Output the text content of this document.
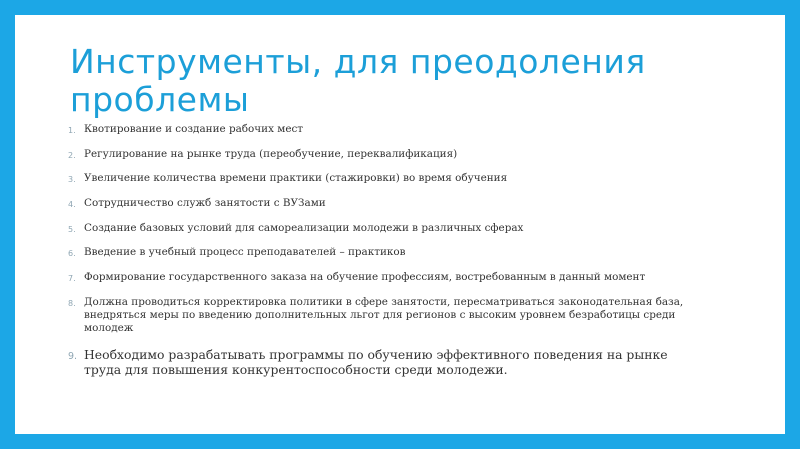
Инструменты, для преодоления проблемы
1. Квотирование и создание рабочих мест
2. Регулирование на рынке труда (переобучение, переквалификация)
3. Увеличение количества времени практики (стажировки) во время обучения
4. Сотрудничество служб занятости с ВУЗами
5. Создание базовых условий для самореализации молодежи в различных сферах
6. Введение в учебный процесс преподавателей – практиков
7. Формирование государственного заказа на обучение профессиям, востребованным в данный момент
8. Должна проводиться корректировка политики в сфере занятости, пересматриваться законодательная база, внедряться меры по введению дополнительных льгот для регионов с высоким уровнем безработицы среди молодеж
9. Необходимо разрабатывать программы по обучению эффективного поведения на рынке труда для повышения конкурентоспособности среди молодежи.
